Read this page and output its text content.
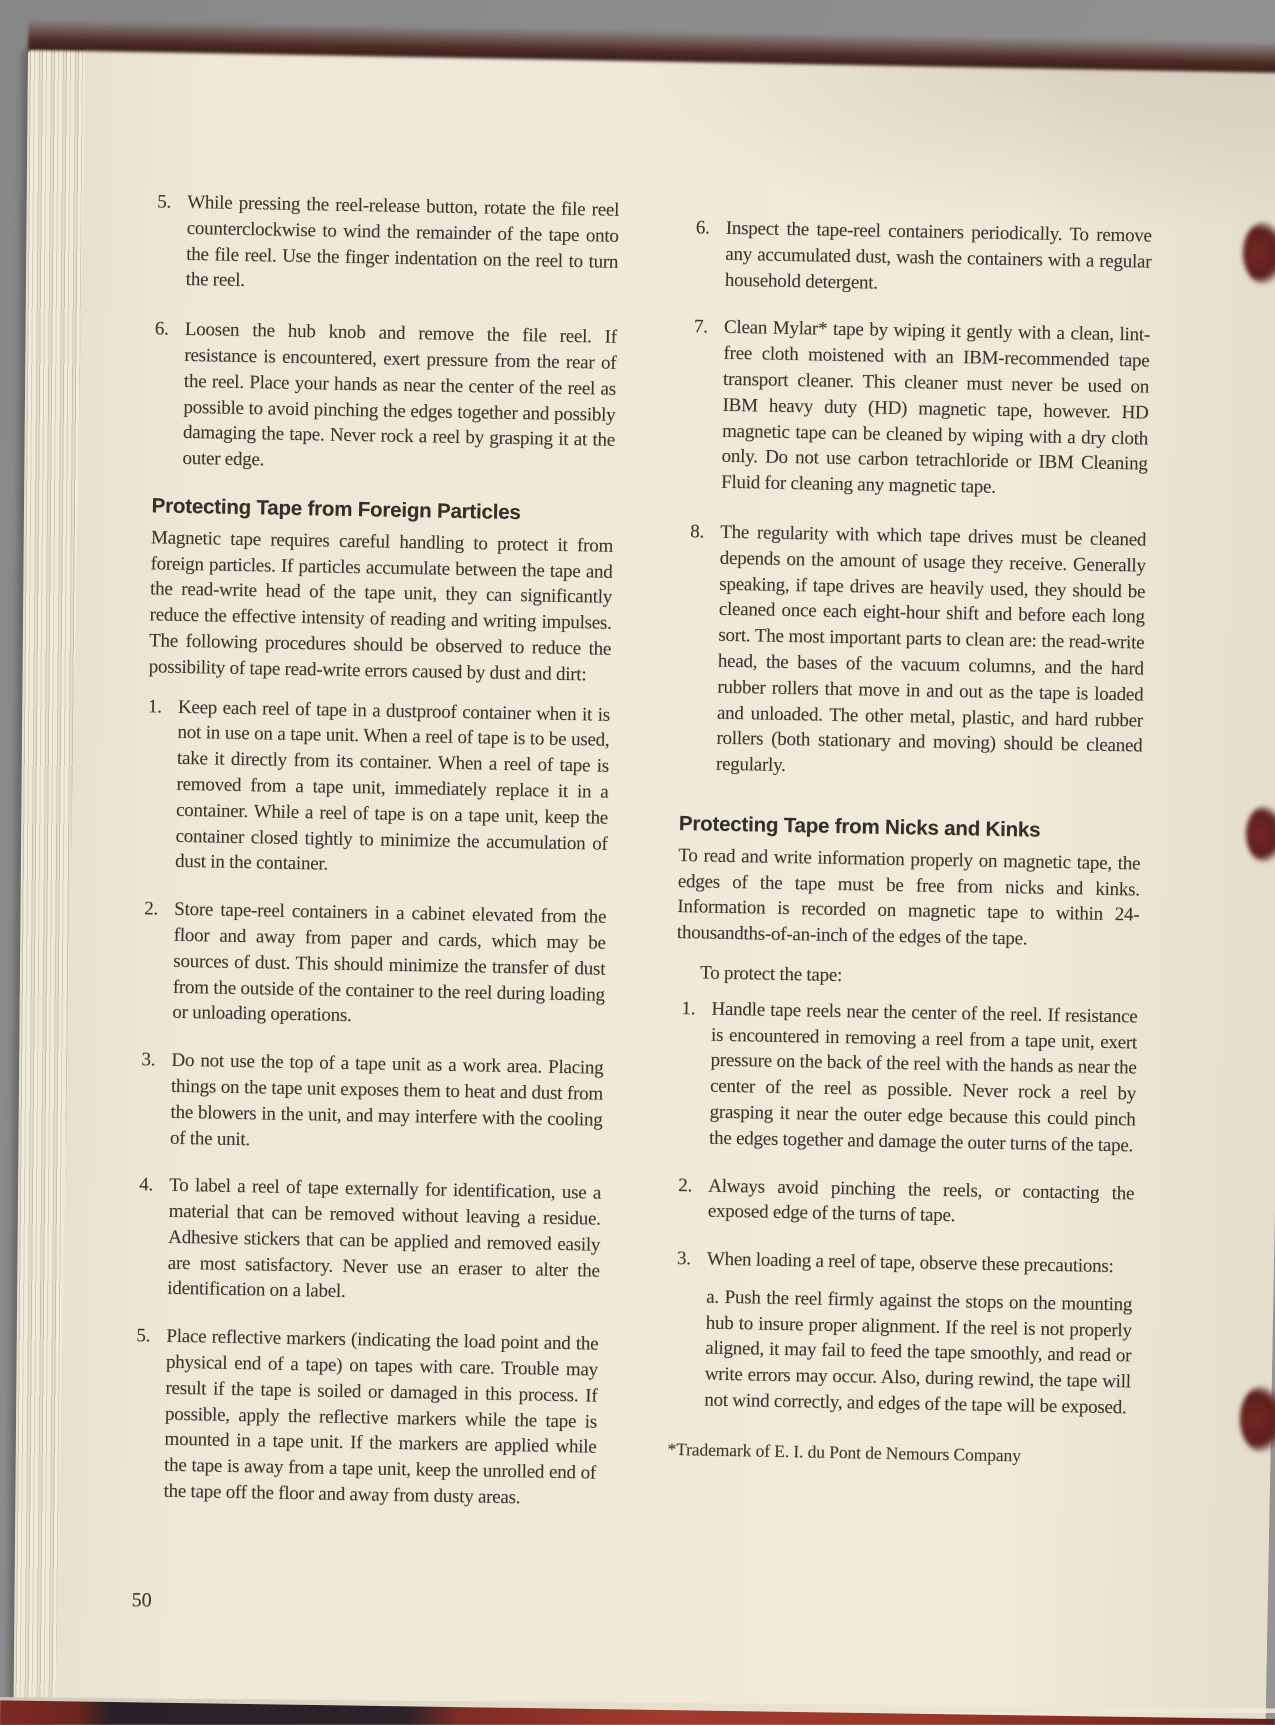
5. While pressing the reel-release button, rotate the file reel counterclockwise to wind the remainder of the tape onto the file reel. Use the finger indentation on the reel to turn the reel.
6. Loosen the hub knob and remove the file reel. If resistance is encountered, exert pressure from the rear of the reel. Place your hands as near the center of the reel as possible to avoid pinching the edges together and possibly damaging the tape. Never rock a reel by grasping it at the outer edge.
Protecting Tape from Foreign Particles

Magnetic tape requires careful handling to protect it from foreign particles. If particles accumulate between the tape and the read-write head of the tape unit, they can significantly reduce the effective intensity of reading and writing impulses. The following procedures should be observed to reduce the possibility of tape read-write errors caused by dust and dirt:

1. Keep each reel of tape in a dustproof container when it is not in use on a tape unit. When a reel of tape is to be used, take it directly from its container. When a reel of tape is removed from a tape unit, immediately replace it in a container. While a reel of tape is on a tape unit, keep the container closed tightly to minimize the accumulation of dust in the container.
2. Store tape-reel containers in a cabinet elevated from the floor and away from paper and cards, which may be sources of dust. This should minimize the transfer of dust from the outside of the container to the reel during loading or unloading operations.
3. Do not use the top of a tape unit as a work area. Placing things on the tape unit exposes them to heat and dust from the blowers in the unit, and may interfere with the cooling of the unit.
4. To label a reel of tape externally for identification, use a material that can be removed without leaving a residue. Adhesive stickers that can be applied and removed easily are most satisfactory. Never use an eraser to alter the identification on a label.
5. Place reflective markers (indicating the load point and the physical end of a tape) on tapes with care. Trouble may result if the tape is soiled or damaged in this process. If possible, apply the reflective markers while the tape is mounted in a tape unit. If the markers are applied while the tape is away from a tape unit, keep the unrolled end of the tape off the floor and away from dusty areas.
6. Inspect the tape-reel containers periodically. To remove any accumulated dust, wash the containers with a regular household detergent.
7. Clean Mylar* tape by wiping it gently with a clean, lint-free cloth moistened with an IBM-recommended tape transport cleaner. This cleaner must never be used on IBM heavy duty (HD) magnetic tape, however. HD magnetic tape can be cleaned by wiping with a dry cloth only. Do not use carbon tetrachloride or IBM Cleaning Fluid for cleaning any magnetic tape.
8. The regularity with which tape drives must be cleaned depends on the amount of usage they receive. Generally speaking, if tape drives are heavily used, they should be cleaned once each eight-hour shift and before each long sort. The most important parts to clean are: the read-write head, the bases of the vacuum columns, and the hard rubber rollers that move in and out as the tape is loaded and unloaded. The other metal, plastic, and hard rubber rollers (both stationary and moving) should be cleaned regularly.
Protecting Tape from Nicks and Kinks

To read and write information properly on magnetic tape, the edges of the tape must be free from nicks and kinks. Information is recorded on magnetic tape to within 24-thousandths-of-an-inch of the edges of the tape.

To protect the tape:

1. Handle tape reels near the center of the reel. If resistance is encountered in removing a reel from a tape unit, exert pressure on the back of the reel with the hands as near the center of the reel as possible. Never rock a reel by grasping it near the outer edge because this could pinch the edges together and damage the outer turns of the tape.
2. Always avoid pinching the reels, or contacting the exposed edge of the turns of tape.
3. When loading a reel of tape, observe these precautions:

a. Push the reel firmly against the stops on the mounting hub to insure proper alignment. If the reel is not properly aligned, it may fail to feed the tape smoothly, and read or write errors may occur. Also, during rewind, the tape will not wind correctly, and edges of the tape will be exposed.

*Trademark of E. I. du Pont de Nemours Company

50
